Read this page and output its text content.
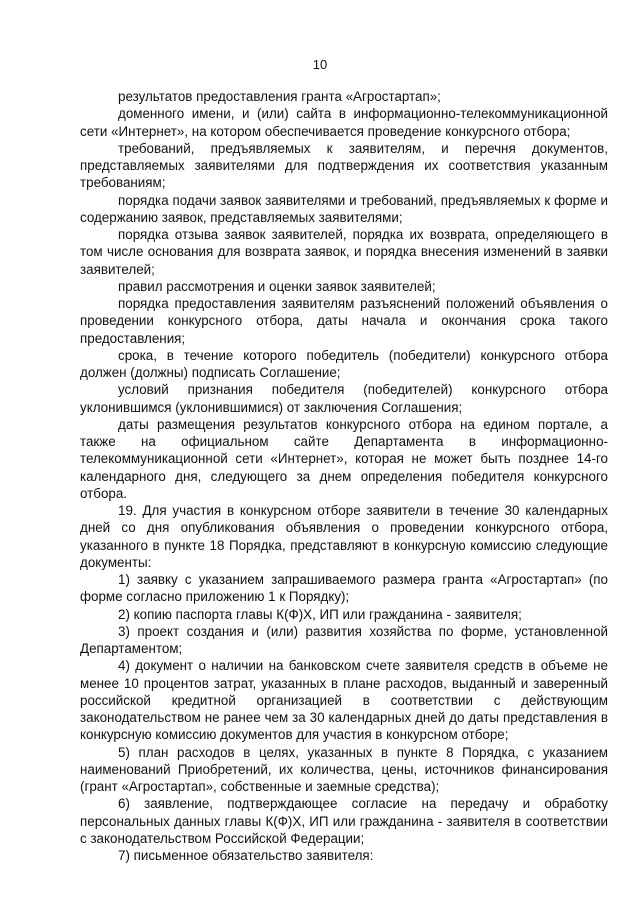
10

результатов предоставления гранта «Агростартап»;

доменного имени, и (или) сайта в информационно-телекоммуникационной сети «Интернет», на котором обеспечивается проведение конкурсного отбора;

требований, предъявляемых к заявителям, и перечня документов, представляемых заявителями для подтверждения их соответствия указанным требованиям;

порядка подачи заявок заявителями и требований, предъявляемых к форме и содержанию заявок, представляемых заявителями;

порядка отзыва заявок заявителей, порядка их возврата, определяющего в том числе основания для возврата заявок, и порядка внесения изменений в заявки заявителей;

правил рассмотрения и оценки заявок заявителей;

порядка предоставления заявителям разъяснений положений объявления о проведении конкурсного отбора, даты начала и окончания срока такого предоставления;

срока, в течение которого победитель (победители) конкурсного отбора должен (должны) подписать Соглашение;

условий признания победителя (победителей) конкурсного отбора уклонившимся (уклонившимися) от заключения Соглашения;

даты размещения результатов конкурсного отбора на едином портале, а также на официальном сайте Департамента в информационно-телекоммуникационной сети «Интернет», которая не может быть позднее 14-го календарного дня, следующего за днем определения победителя конкурсного отбора.

19. Для участия в конкурсном отборе заявители в течение 30 календарных дней со дня опубликования объявления о проведении конкурсного отбора, указанного в пункте 18 Порядка, представляют в конкурсную комиссию следующие документы:

1) заявку с указанием запрашиваемого размера гранта «Агростартап» (по форме согласно приложению 1 к Порядку);

2) копию паспорта главы К(Ф)Х, ИП или гражданина - заявителя;

3) проект создания и (или) развития хозяйства по форме, установленной Департаментом;

4) документ о наличии на банковском счете заявителя средств в объеме не менее 10 процентов затрат, указанных в плане расходов, выданный и заверенный российской кредитной организацией в соответствии с действующим законодательством не ранее чем за 30 календарных дней до даты представления в конкурсную комиссию документов для участия в конкурсном отборе;

5) план расходов в целях, указанных в пункте 8 Порядка, с указанием наименований Приобретений, их количества, цены, источников финансирования (грант «Агростартап», собственные и заемные средства);

6) заявление, подтверждающее согласие на передачу и обработку персональных данных главы К(Ф)Х, ИП или гражданина - заявителя в соответствии с законодательством Российской Федерации;

7) письменное обязательство заявителя:
